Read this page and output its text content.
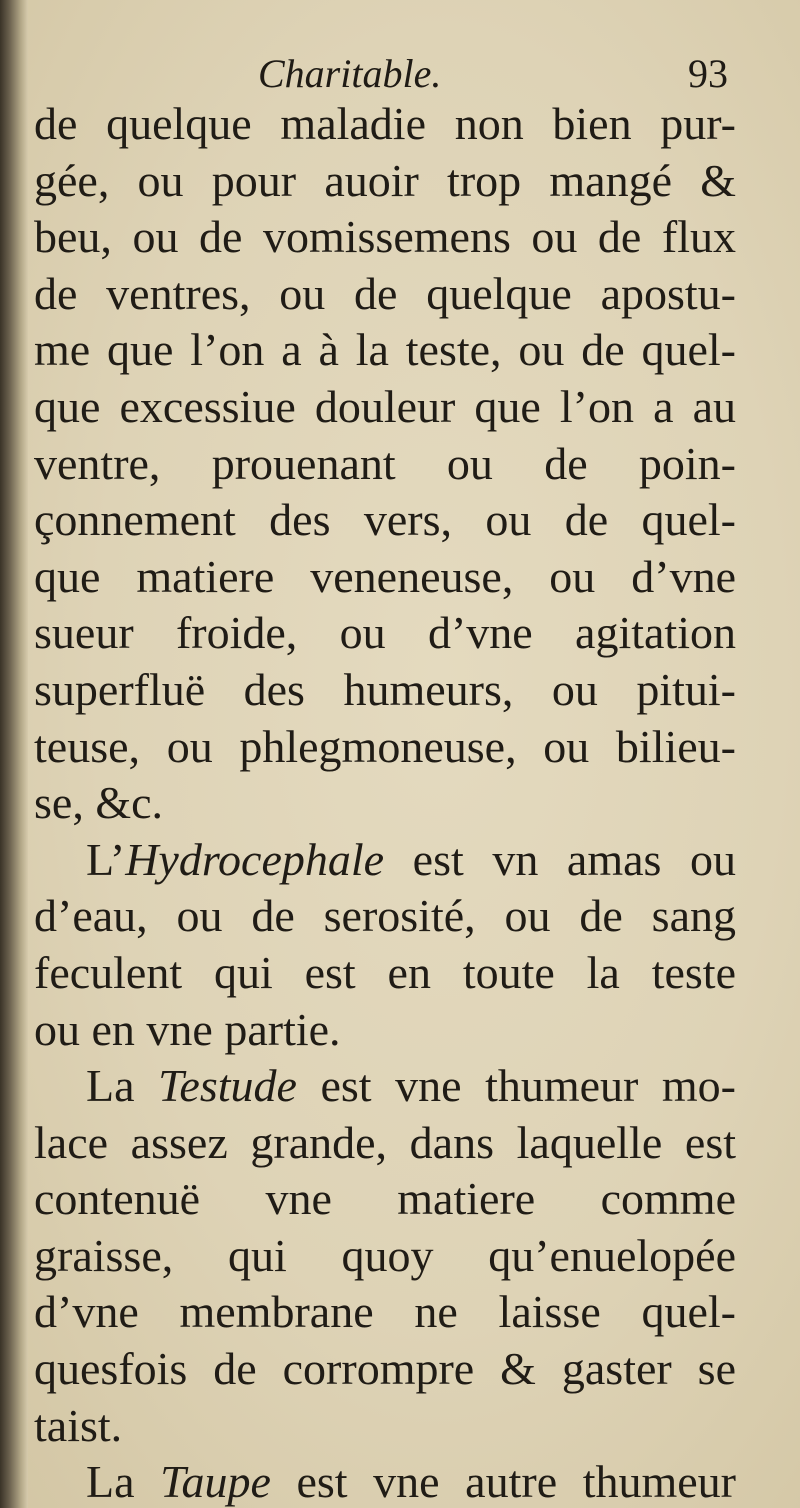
Charitable.	93
de quelque maladie non bien pur-
gée, ou pour auoir trop mangé &
beu, ou de vomissemens ou de flux
de ventres, ou de quelque apostu-
me que l’on a à la teste, ou de quel-
que excessiue douleur que l’on a au
ventre, prouenant ou de poin-
çonnement des vers, ou de quel-
que matiere veneneuse, ou d’vne
sueur froide, ou d’vne agitation
superfluë des humeurs, ou pitui-
teuse, ou phlegmoneuse, ou bilieu-
se, &c.
L’Hydrocephale est vn amas ou
d’eau, ou de serosité, ou de sang
feculent qui est en toute la teste
ou en vne partie.
La Testude est vne thumeur mo-
lace assez grande, dans laquelle est
contenuë vne matiere comme
graisse, qui quoy qu’enuelopée
d’vne membrane ne laisse quel-
quesfois de corrompre & gaster se
taist.
La Taupe est vne autre thumeur
